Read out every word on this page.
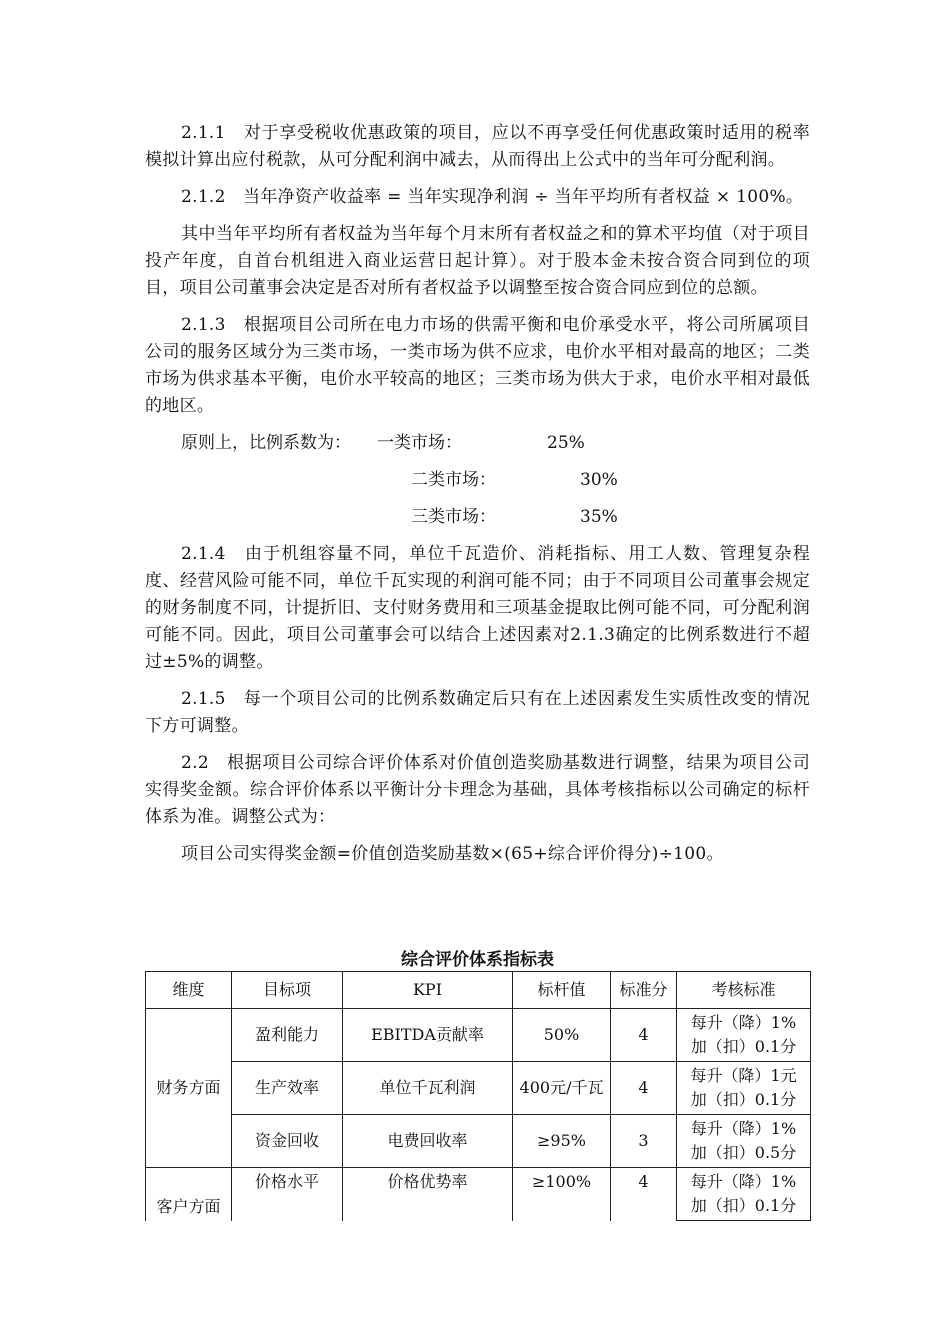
2.1.1　对于享受税收优惠政策的项目，应以不再享受任何优惠政策时适用的税率模拟计算出应付税款，从可分配利润中减去，从而得出上公式中的当年可分配利润。

2.1.2　当年净资产收益率 = 当年实现净利润 ÷ 当年平均所有者权益 × 100%。

其中当年平均所有者权益为当年每个月末所有者权益之和的算术平均值（对于项目投产年度，自首台机组进入商业运营日起计算）。对于股本金未按合资合同到位的项目，项目公司董事会决定是否对所有者权益予以调整至按合资合同应到位的总额。

2.1.3　根据项目公司所在电力市场的供需平衡和电价承受水平，将公司所属项目公司的服务区域分为三类市场，一类市场为供不应求，电价水平相对最高的地区；二类市场为供求基本平衡，电价水平较高的地区；三类市场为供大于求，电价水平相对最低的地区。

原则上，比例系数为： 一类市场：	25%
二类市场：	30%
三类市场：	35%

2.1.4　由于机组容量不同，单位千瓦造价、消耗指标、用工人数、管理复杂程度、经营风险可能不同，单位千瓦实现的利润可能不同；由于不同项目公司董事会规定的财务制度不同，计提折旧、支付财务费用和三项基金提取比例可能不同，可分配利润可能不同。因此，项目公司董事会可以结合上述因素对2.1.3确定的比例系数进行不超过±5%的调整。

2.1.5　每一个项目公司的比例系数确定后只有在上述因素发生实质性改变的情况下方可调整。

2.2　根据项目公司综合评价体系对价值创造奖励基数进行调整，结果为项目公司实得奖金额。综合评价体系以平衡计分卡理念为基础，具体考核指标以公司确定的标杆体系为准。调整公式为：

项目公司实得奖金额=价值创造奖励基数×(65+综合评价得分)÷100。

综合评价体系指标表
维度	目标项	KPI	标杆值	标准分	考核标准
财务方面	盈利能力	EBITDA贡献率	50%	4	每升（降）1%
加（扣）0.1分
	生产效率	单位千瓦利润	400元/千瓦	4	每升（降）1元
加（扣）0.1分
	资金回收	电费回收率	≥95%	3	每升（降）1%
加（扣）0.5分
客户方面	价格水平	价格优势率	≥100%	4	每升（降）1%
加（扣）0.1分
